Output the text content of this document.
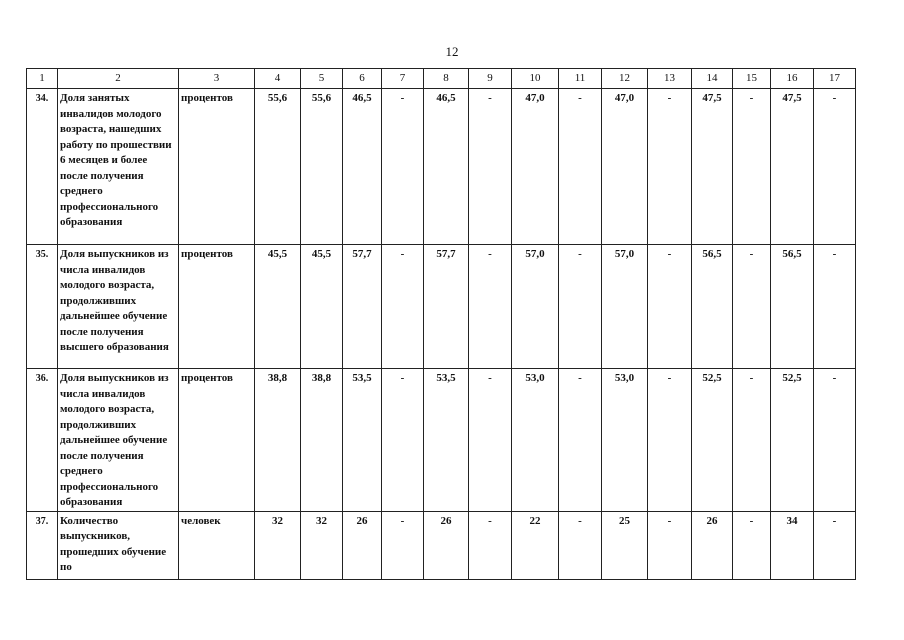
12
1	2	3	4	5	6	7	8	9	10	11	12	13	14	15	16	17
34.	Доля занятых инвалидов молодого возраста, нашедших работу по прошествии 6 месяцев и более после получения среднего профессионального образования	процентов	55,6	55,6	46,5	-	46,5	-	47,0	-	47,0	-	47,5	-	47,5	-
35.	Доля выпускников из числа инвалидов молодого возраста, продолживших дальнейшее обучение после получения высшего образования	процентов	45,5	45,5	57,7	-	57,7	-	57,0	-	57,0	-	56,5	-	56,5	-
36.	Доля выпускников из числа инвалидов молодого возраста, продолживших дальнейшее обучение после получения среднего профессионального образования	процентов	38,8	38,8	53,5	-	53,5	-	53,0	-	53,0	-	52,5	-	52,5	-
37.	Количество выпускников, прошедших обучение по	человек	32	32	26	-	26	-	22	-	25	-	26	-	34	-
